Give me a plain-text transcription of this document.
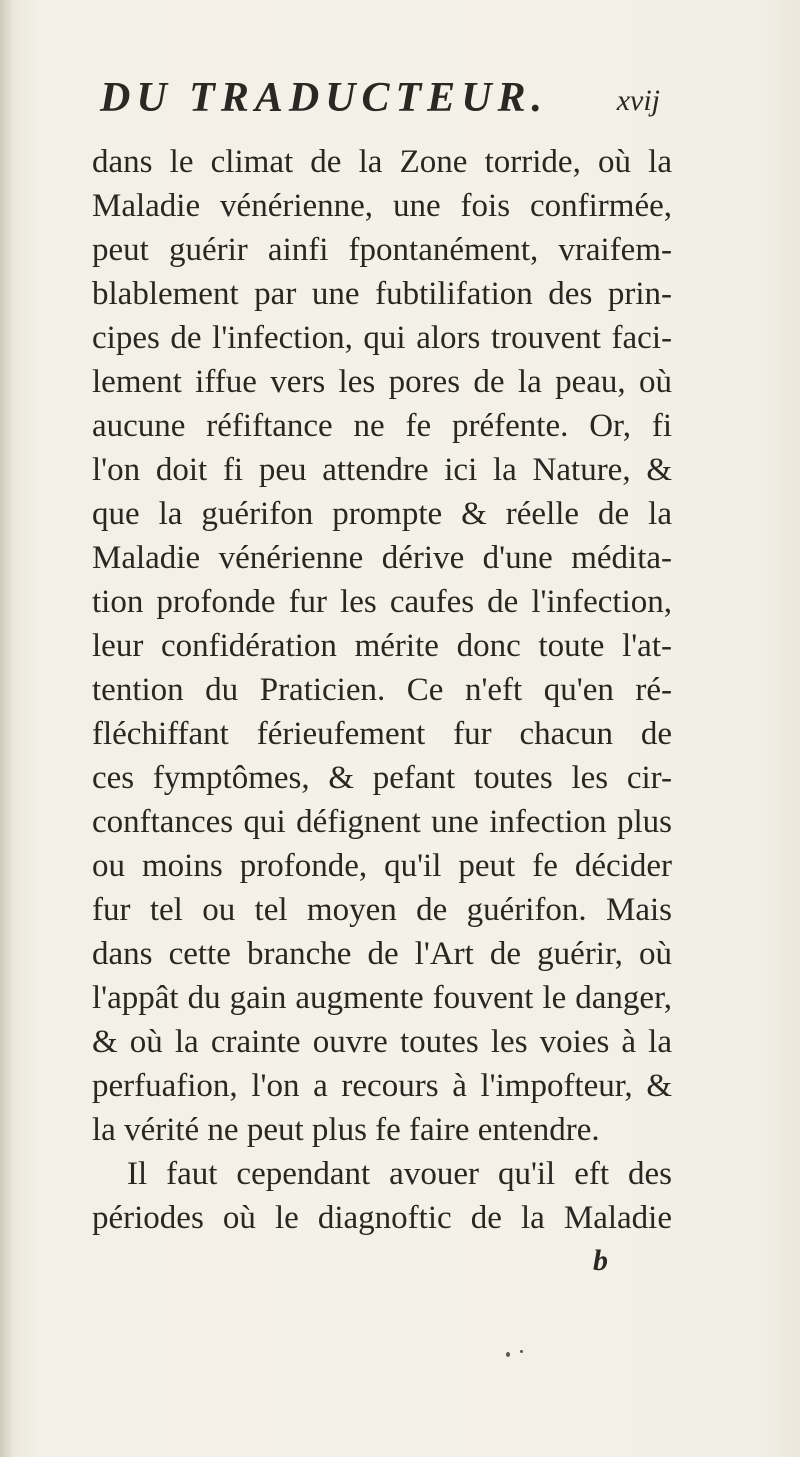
DU TRADUCTEUR. xvij
dans le climat de la Zone torride, où la
Maladie vénérienne, une fois confirmée,
peut guérir ainfi fpontanément, vraifem-
blablement par une fubtilifation des prin-
cipes de l'infection, qui alors trouvent faci-
lement iffue vers les pores de la peau, où
aucune réfiftance ne fe préfente. Or, fi
l'on doit fi peu attendre ici la Nature, &
que la guérifon prompte & réelle de la
Maladie vénérienne dérive d'une médita-
tion profonde fur les caufes de l'infection,
leur confidération mérite donc toute l'at-
tention du Praticien. Ce n'eft qu'en ré-
fléchiffant férieufement fur chacun de
ces fymptômes, & pefant toutes les cir-
conftances qui défignent une infection plus
ou moins profonde, qu'il peut fe décider
fur tel ou tel moyen de guérifon. Mais
dans cette branche de l'Art de guérir, où
l'appât du gain augmente fouvent le danger,
& où la crainte ouvre toutes les voies à la
perfuafion, l'on a recours à l'impofteur, &
la vérité ne peut plus fe faire entendre.
Il faut cependant avouer qu'il eft des
périodes où le diagnoftic de la Maladie
b
